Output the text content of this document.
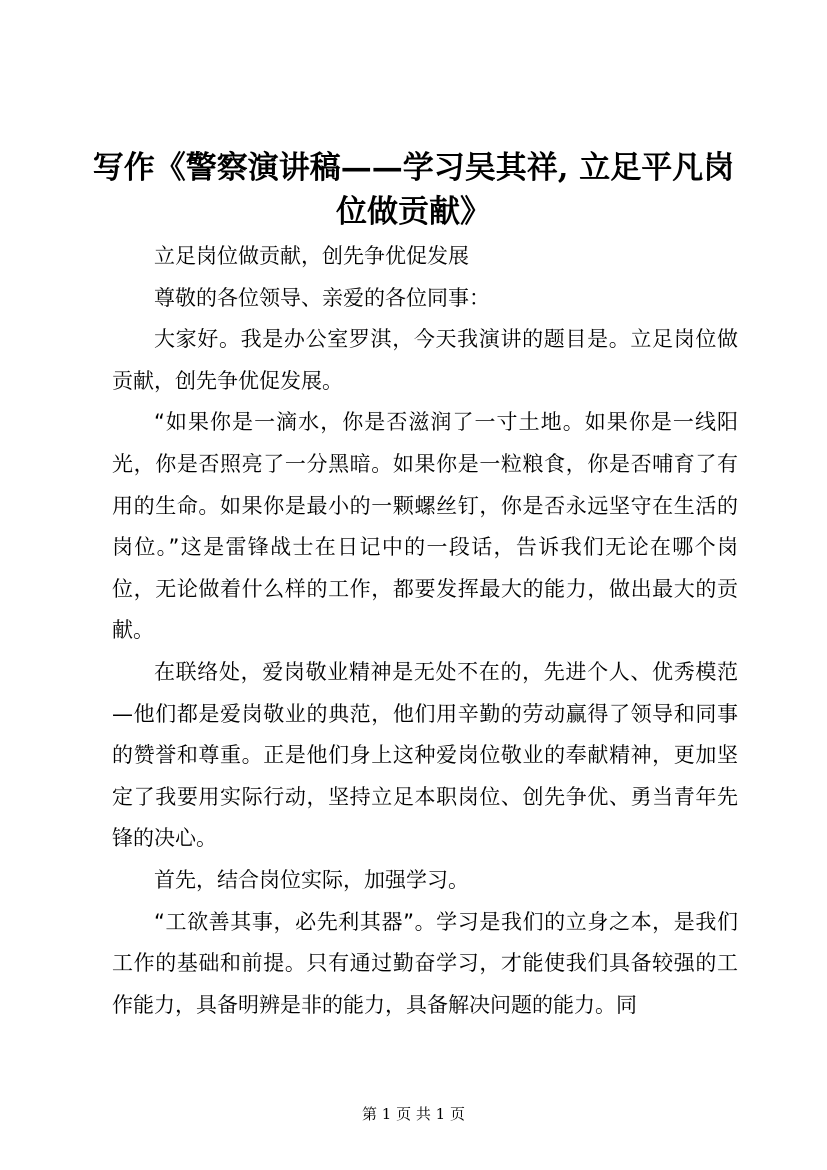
写作《警察演讲稿——学习吴其祥, 立足平凡岗位做贡献》

立足岗位做贡献，创先争优促发展

尊敬的各位领导、亲爱的各位同事：

大家好。我是办公室罗淇，今天我演讲的题目是。立足岗位做贡献，创先争优促发展。

“如果你是一滴水，你是否滋润了一寸土地。如果你是一线阳光，你是否照亮了一分黑暗。如果你是一粒粮食，你是否哺育了有用的生命。如果你是最小的一颗螺丝钉，你是否永远坚守在生活的岗位。”这是雷锋战士在日记中的一段话，告诉我们无论在哪个岗位，无论做着什么样的工作，都要发挥最大的能力，做出最大的贡献。

在联络处，爱岗敬业精神是无处不在的，先进个人、优秀模范—他们都是爱岗敬业的典范，他们用辛勤的劳动赢得了领导和同事的赞誉和尊重。正是他们身上这种爱岗位敬业的奉献精神，更加坚定了我要用实际行动，坚持立足本职岗位、创先争优、勇当青年先锋的决心。

首先，结合岗位实际，加强学习。

“工欲善其事，必先利其器”。学习是我们的立身之本，是我们工作的基础和前提。只有通过勤奋学习，才能使我们具备较强的工作能力，具备明辨是非的能力，具备解决问题的能力。同

第 1 页 共 1 页
